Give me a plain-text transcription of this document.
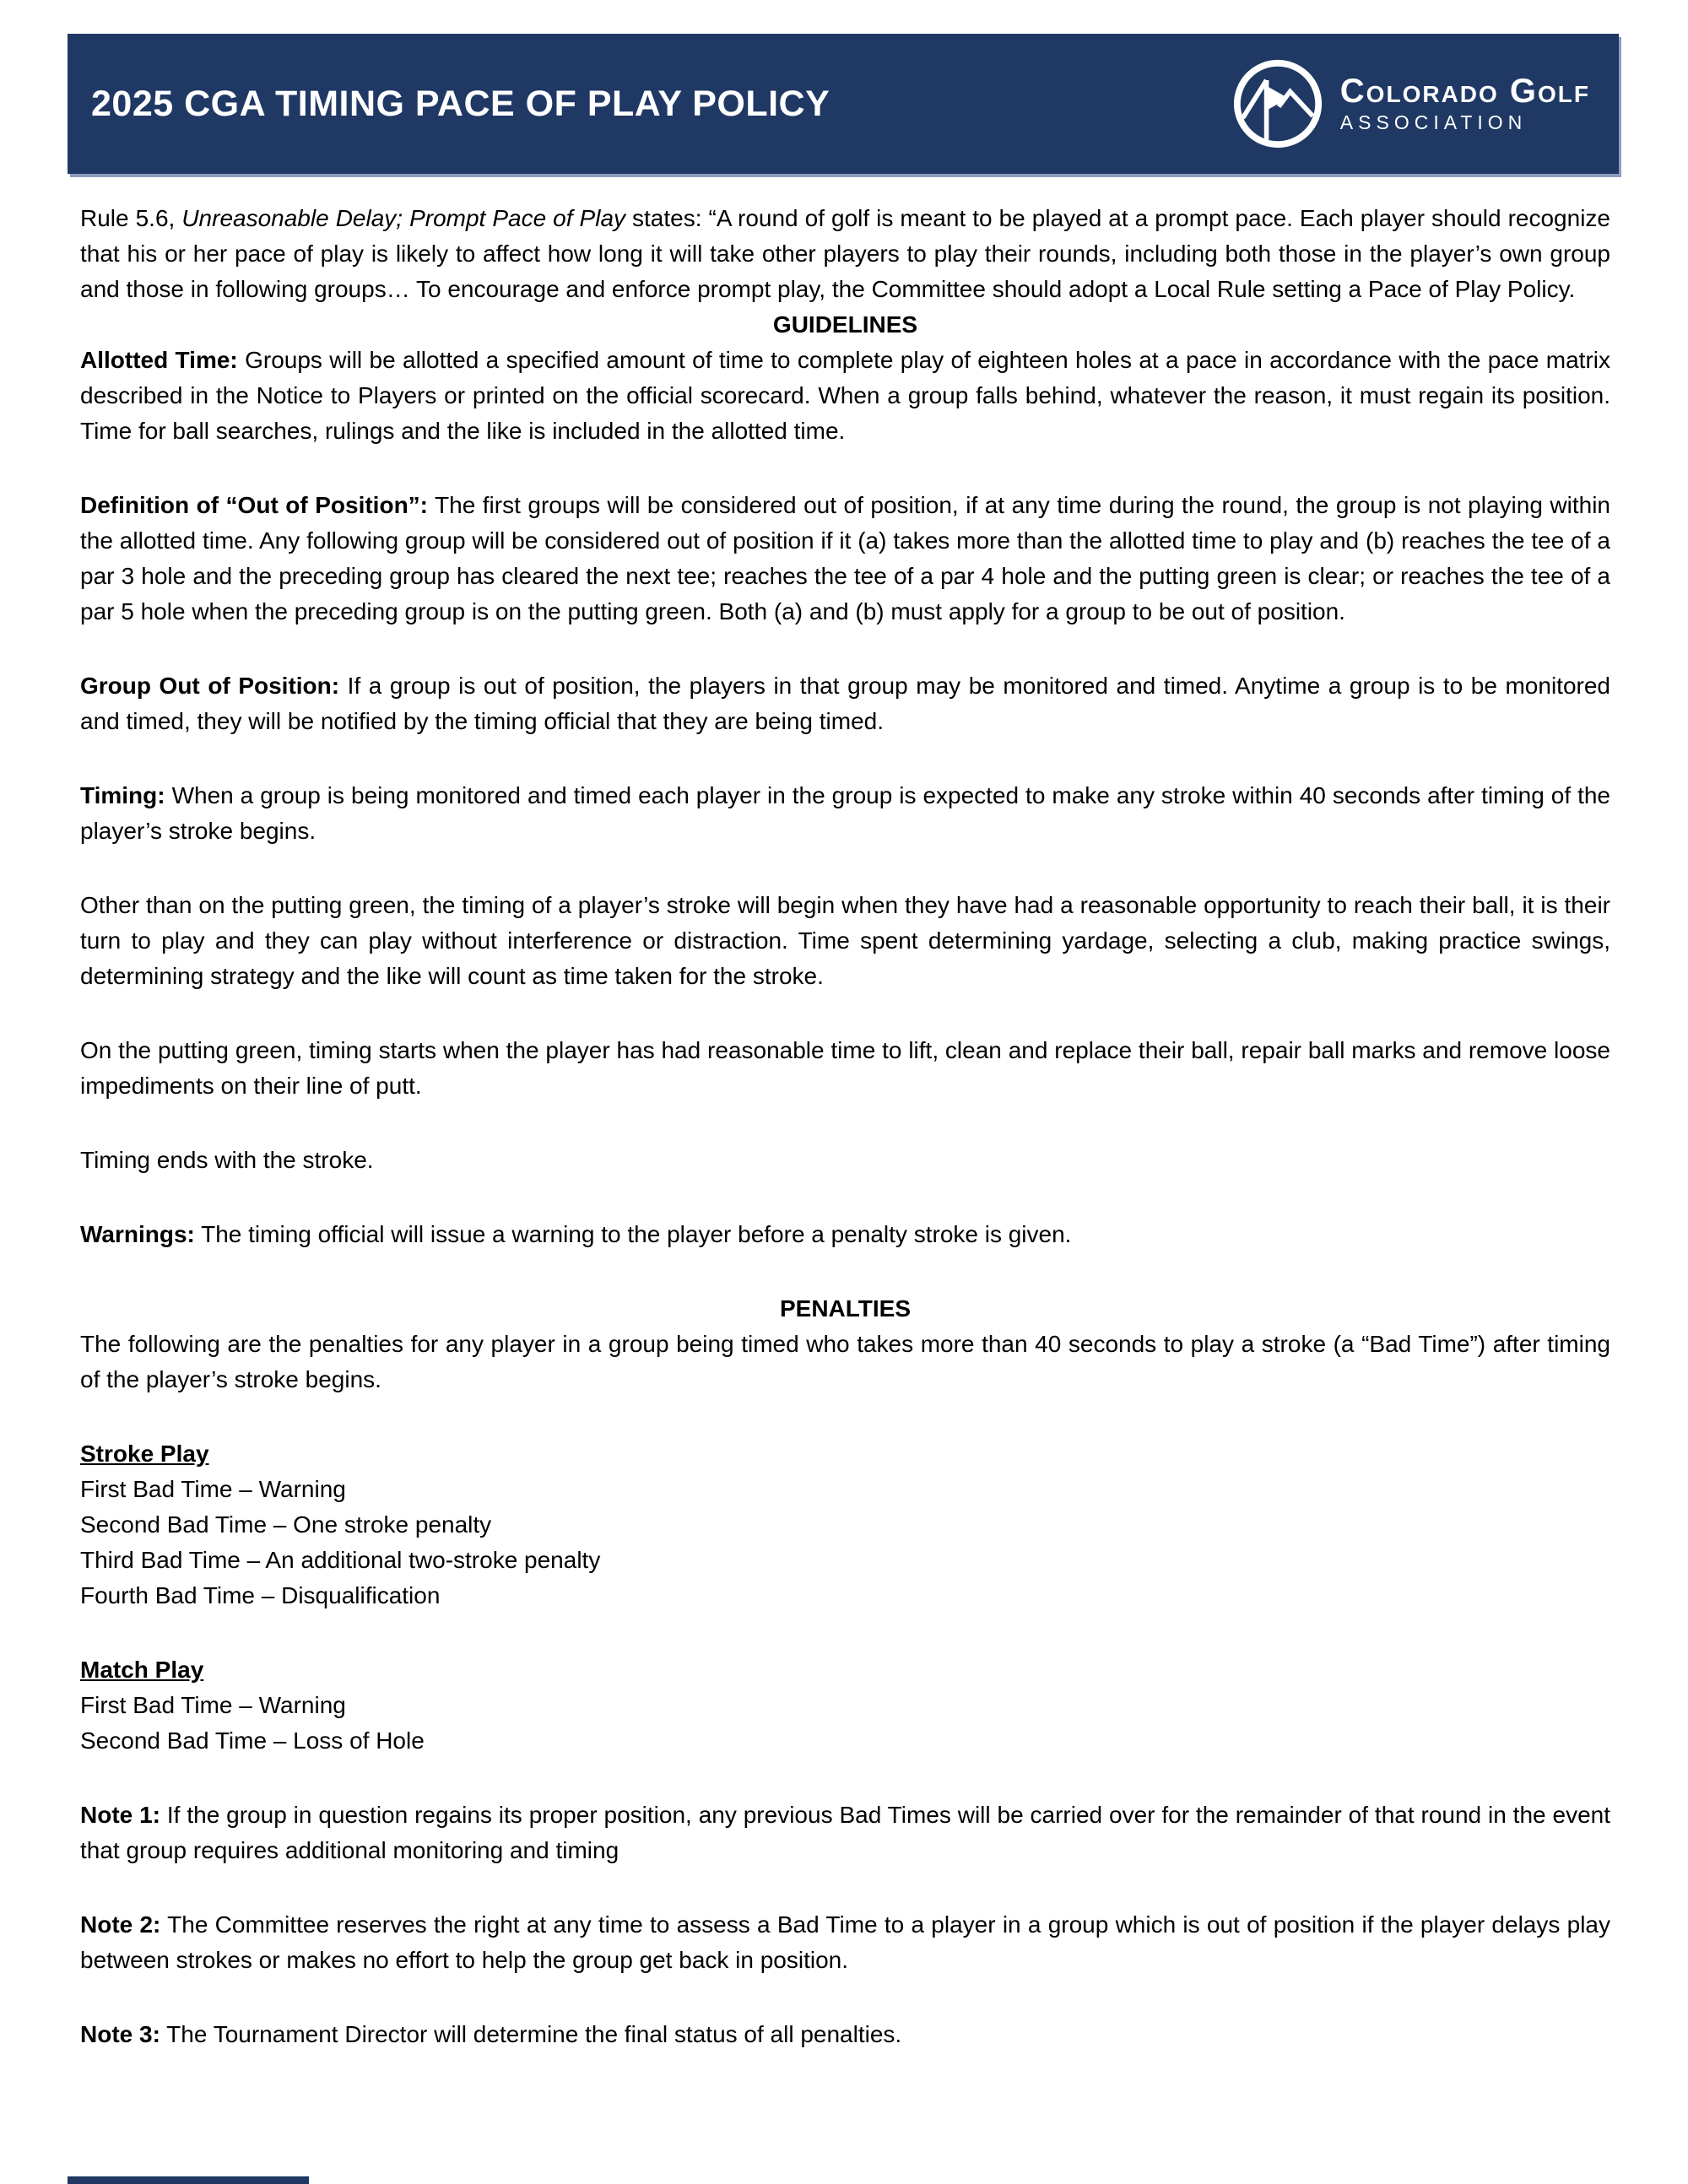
2025 CGA TIMING PACE OF PLAY POLICY	Colorado Golf
ASSOCIATION

Rule 5.6, Unreasonable Delay; Prompt Pace of Play states: “A round of golf is meant to be played at a prompt pace. Each player should recognize that his or her pace of play is likely to affect how long it will take other players to play their rounds, including both those in the player’s own group and those in following groups… To encourage and enforce prompt play, the Committee should adopt a Local Rule setting a Pace of Play Policy.

GUIDELINES

Allotted Time: Groups will be allotted a specified amount of time to complete play of eighteen holes at a pace in accordance with the pace matrix described in the Notice to Players or printed on the official scorecard. When a group falls behind, whatever the reason, it must regain its position. Time for ball searches, rulings and the like is included in the allotted time.

Definition of “Out of Position”: The first groups will be considered out of position, if at any time during the round, the group is not playing within the allotted time. Any following group will be considered out of position if it (a) takes more than the allotted time to play and (b) reaches the tee of a par 3 hole and the preceding group has cleared the next tee; reaches the tee of a par 4 hole and the putting green is clear; or reaches the tee of a par 5 hole when the preceding group is on the putting green. Both (a) and (b) must apply for a group to be out of position.

Group Out of Position: If a group is out of position, the players in that group may be monitored and timed. Anytime a group is to be monitored and timed, they will be notified by the timing official that they are being timed.

Timing: When a group is being monitored and timed each player in the group is expected to make any stroke within 40 seconds after timing of the player’s stroke begins.

Other than on the putting green, the timing of a player’s stroke will begin when they have had a reasonable opportunity to reach their ball, it is their turn to play and they can play without interference or distraction. Time spent determining yardage, selecting a club, making practice swings, determining strategy and the like will count as time taken for the stroke.

On the putting green, timing starts when the player has had reasonable time to lift, clean and replace their ball, repair ball marks and remove loose impediments on their line of putt.

Timing ends with the stroke.

Warnings: The timing official will issue a warning to the player before a penalty stroke is given.

PENALTIES

The following are the penalties for any player in a group being timed who takes more than 40 seconds to play a stroke (a “Bad Time”) after timing of the player’s stroke begins.

Stroke Play
First Bad Time – Warning
Second Bad Time – One stroke penalty
Third Bad Time – An additional two-stroke penalty
Fourth Bad Time – Disqualification
Match Play
First Bad Time – Warning
Second Bad Time – Loss of Hole

Note 1: If the group in question regains its proper position, any previous Bad Times will be carried over for the remainder of that round in the event that group requires additional monitoring and timing

Note 2: The Committee reserves the right at any time to assess a Bad Time to a player in a group which is out of position if the player delays play between strokes or makes no effort to help the group get back in position.

Note 3: The Tournament Director will determine the final status of all penalties.
